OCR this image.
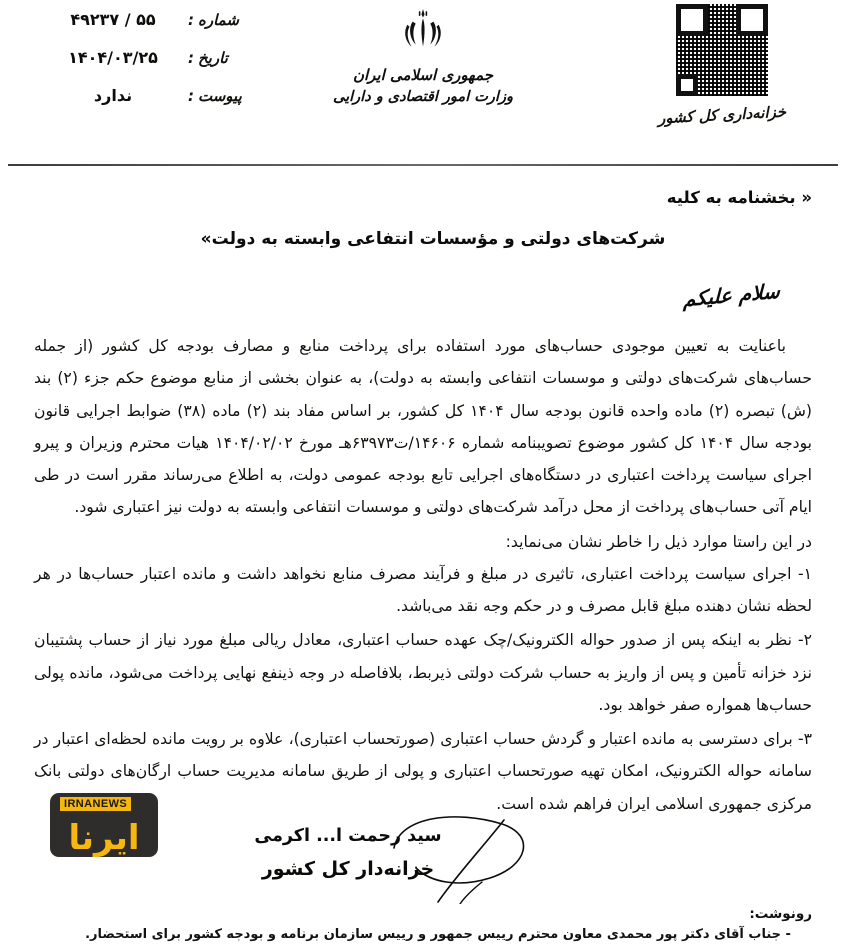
خزانه‌داری کل کشور
جمهوری اسلامی ایران
وزارت امور اقتصادی و دارایی
شماره:
۴۹۲۳۷ / ۵۵
تاریخ:
۱۴۰۴/۰۳/۲۵
پیوست:
ندارد
« بخشنامه به کلیه
شرکت‌های دولتی و مؤسسات انتفاعی وابسته به دولت»
سلام علیکم

باعنایت به تعیین موجودی حساب‌های مورد استفاده برای پرداخت منابع و مصارف بودجه کل کشور (از جمله حساب‌های شرکت‌های دولتی و موسسات انتفاعی وابسته به دولت)، به عنوان بخشی از منابع موضوع حکم جزء (۲) بند (ش) تبصره (۲) ماده واحده قانون بودجه سال ۱۴۰۴ کل کشور، بر اساس مفاد بند (۲) ماده (۳۸) ضوابط اجرایی قانون بودجه سال ۱۴۰۴ کل کشور موضوع تصویبنامه شماره ۱۴۶۰۶/ت۶۳۹۷۳هـ مورخ ۱۴۰۴/۰۲/۰۲ هیات محترم وزیران و پیرو اجرای سیاست پرداخت اعتباری در دستگاه‌های اجرایی تابع بودجه عمومی دولت، به اطلاع می‌رساند مقرر است در طی ایام آتی حساب‌های پرداخت از محل درآمد شرکت‌های دولتی و موسسات انتفاعی وابسته به دولت نیز اعتباری شود.

در این راستا موارد ذیل را خاطر نشان می‌نماید:

۱- اجرای سیاست پرداخت اعتباری، تاثیری در مبلغ و فرآیند مصرف منابع نخواهد داشت و مانده اعتبار حساب‌ها در هر لحظه نشان دهنده مبلغ قابل مصرف و در حکم وجه نقد می‌باشد.

۲- نظر به اینکه پس از صدور حواله الکترونیک/چک عهده حساب اعتباری، معادل ریالی مبلغ مورد نیاز از حساب پشتیبان نزد خزانه تأمین و پس از واریز به حساب شرکت دولتی ذیربط، بلافاصله در وجه ذینفع نهایی پرداخت می‌شود، مانده پولی حساب‌ها همواره صفر خواهد بود.

۳- برای دسترسی به مانده اعتبار و گردش حساب اعتباری (صورتحساب اعتباری)، علاوه بر رویت مانده لحظه‌ای اعتبار در سامانه حواله الکترونیک، امکان تهیه صورتحساب اعتباری و پولی از طریق سامانه مدیریت حساب ارگان‌های دولتی بانک مرکزی جمهوری اسلامی ایران فراهم شده است.

IRNANEWS
ایرنا	سید رحمت ا... اکرمی
خزانه‌دار کل کشور
رونوشت:
- جناب آقای دکتر پور محمدی معاون محترم رییس جمهور و رییس سازمان برنامه و بودجه کشور برای استحضار.
